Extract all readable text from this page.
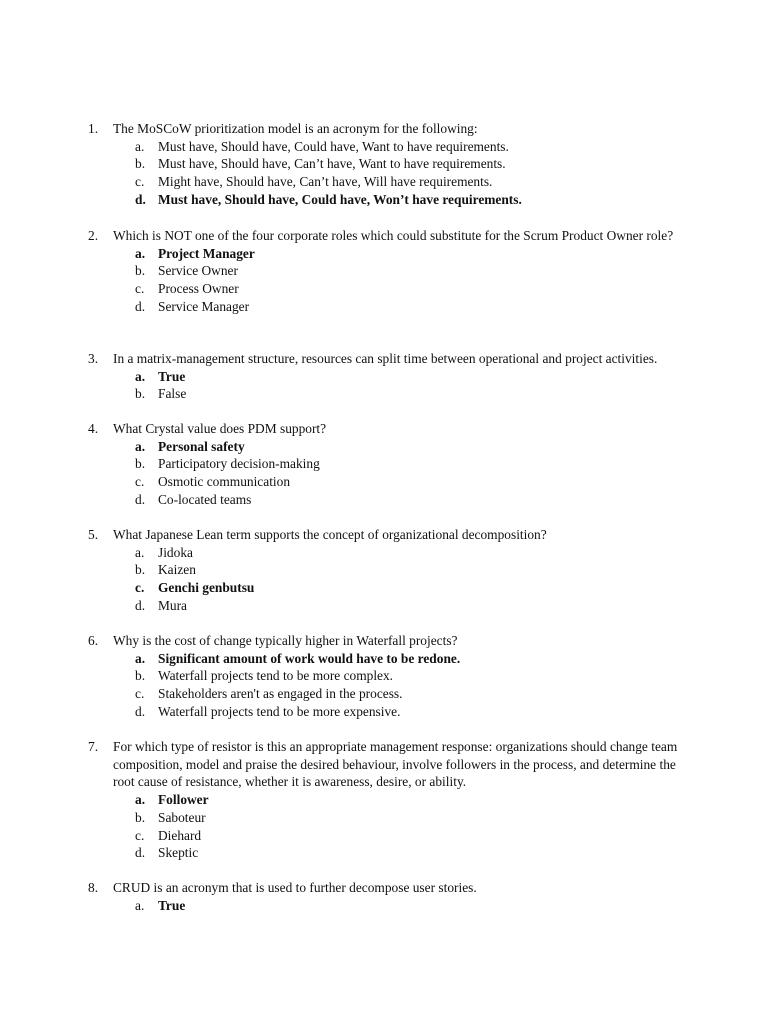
1.	The MoSCoW prioritization model is an acronym for the following:
a.	Must have, Should have, Could have, Want to have requirements.
b. Must have, Should have, Can’t have, Want to have requirements.
c.	Might have, Should have, Can’t have, Will have requirements.
d. Must have, Should have, Could have, Won’t have requirements.
2.	Which is NOT one of the four corporate roles which could substitute for the Scrum Product Owner role?
a. Project Manager
b. Service Owner
c.	Process Owner
d. Service Manager
3.	In a matrix-management structure, resources can split time between operational and project activities.
a. True
b. False
4.	What Crystal value does PDM support?
a. Personal safety
b. Participatory decision-making
c.	Osmotic communication
d. Co-located teams
5.	What Japanese Lean term supports the concept of organizational decomposition?
a.	Jidoka
b. Kaizen
c.	Genchi genbutsu
d. Mura
6.	Why is the cost of change typically higher in Waterfall projects?
a. Significant amount of work would have to be redone.
b. Waterfall projects tend to be more complex.
c.	Stakeholders aren't as engaged in the process.
d. Waterfall projects tend to be more expensive.
7.	For which type of resistor is this an appropriate management response: organizations should change team composition, model and praise the desired behaviour, involve followers in the process, and determine the root cause of resistance, whether it is awareness, desire, or ability.
a. Follower
b. Saboteur
c.	Diehard
d. Skeptic
8.	CRUD is an acronym that is used to further decompose user stories.
a.	True
